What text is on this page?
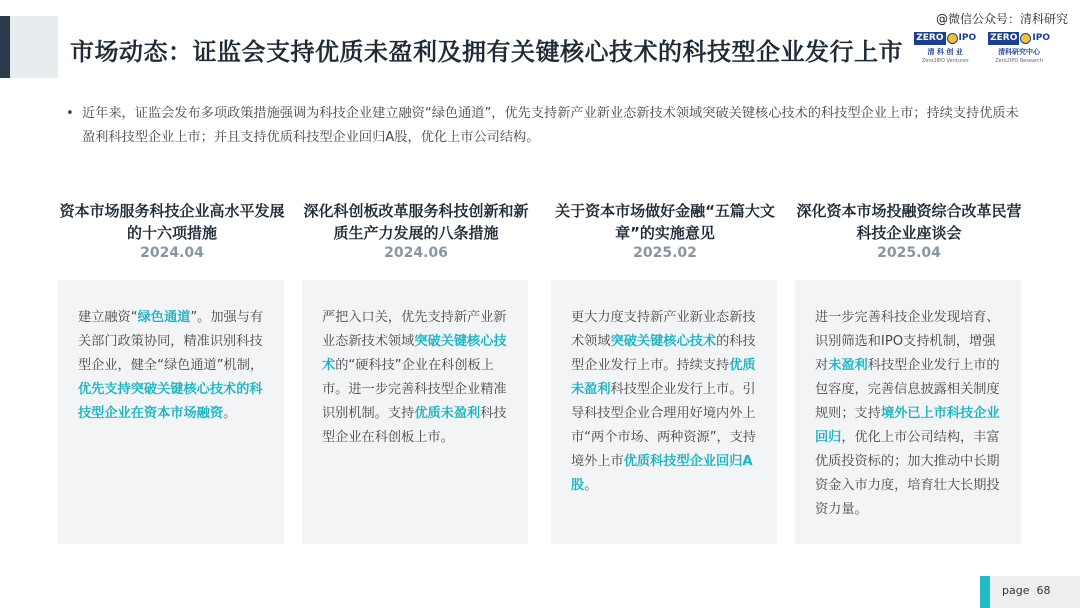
市场动态：证监会支持优质未盈利及拥有关键核心技术的科技型企业发行上市
@微信公众号：清科研究
ZERO IPO
清 科 创 业
Zero2IPO Ventures
ZERO IPO
清科研究中心
Zero2IPO Research
• 近年来，证监会发布多项政策措施强调为科技企业建立融资“绿色通道”，优先支持新产业新业态新技术领域突破关键核心技术的科技型企业上市；持续支持优质未盈利科技型企业上市；并且支持优质科技型企业回归A股，优化上市公司结构。
资本市场服务科技企业高水平发展的十六项措施
2024.04
建立融资“绿色通道”。加强与有关部门政策协同，精准识别科技型企业，健全“绿色通道”机制，优先支持突破关键核心技术的科技型企业在资本市场融资。
深化科创板改革服务科技创新和新质生产力发展的八条措施
2024.06
严把入口关，优先支持新产业新业态新技术领域突破关键核心技术的“硬科技”企业在科创板上市。进一步完善科技型企业精准识别机制。支持优质未盈利科技型企业在科创板上市。
关于资本市场做好金融“五篇大文章”的实施意见
2025.02
更大力度支持新产业新业态新技术领域突破关键核心技术的科技型企业发行上市。持续支持优质未盈利科技型企业发行上市。引导科技型企业合理用好境内外上市“两个市场、两种资源”，支持境外上市优质科技型企业回归A股。
深化资本市场投融资综合改革民营科技企业座谈会
2025.04
进一步完善科技企业发现培育、识别筛选和IPO支持机制，增强对未盈利科技型企业发行上市的包容度，完善信息披露相关制度规则；支持境外已上市科技企业回归，优化上市公司结构，丰富优质投资标的；加大推动中长期资金入市力度，培育壮大长期投资力量。
page 68
